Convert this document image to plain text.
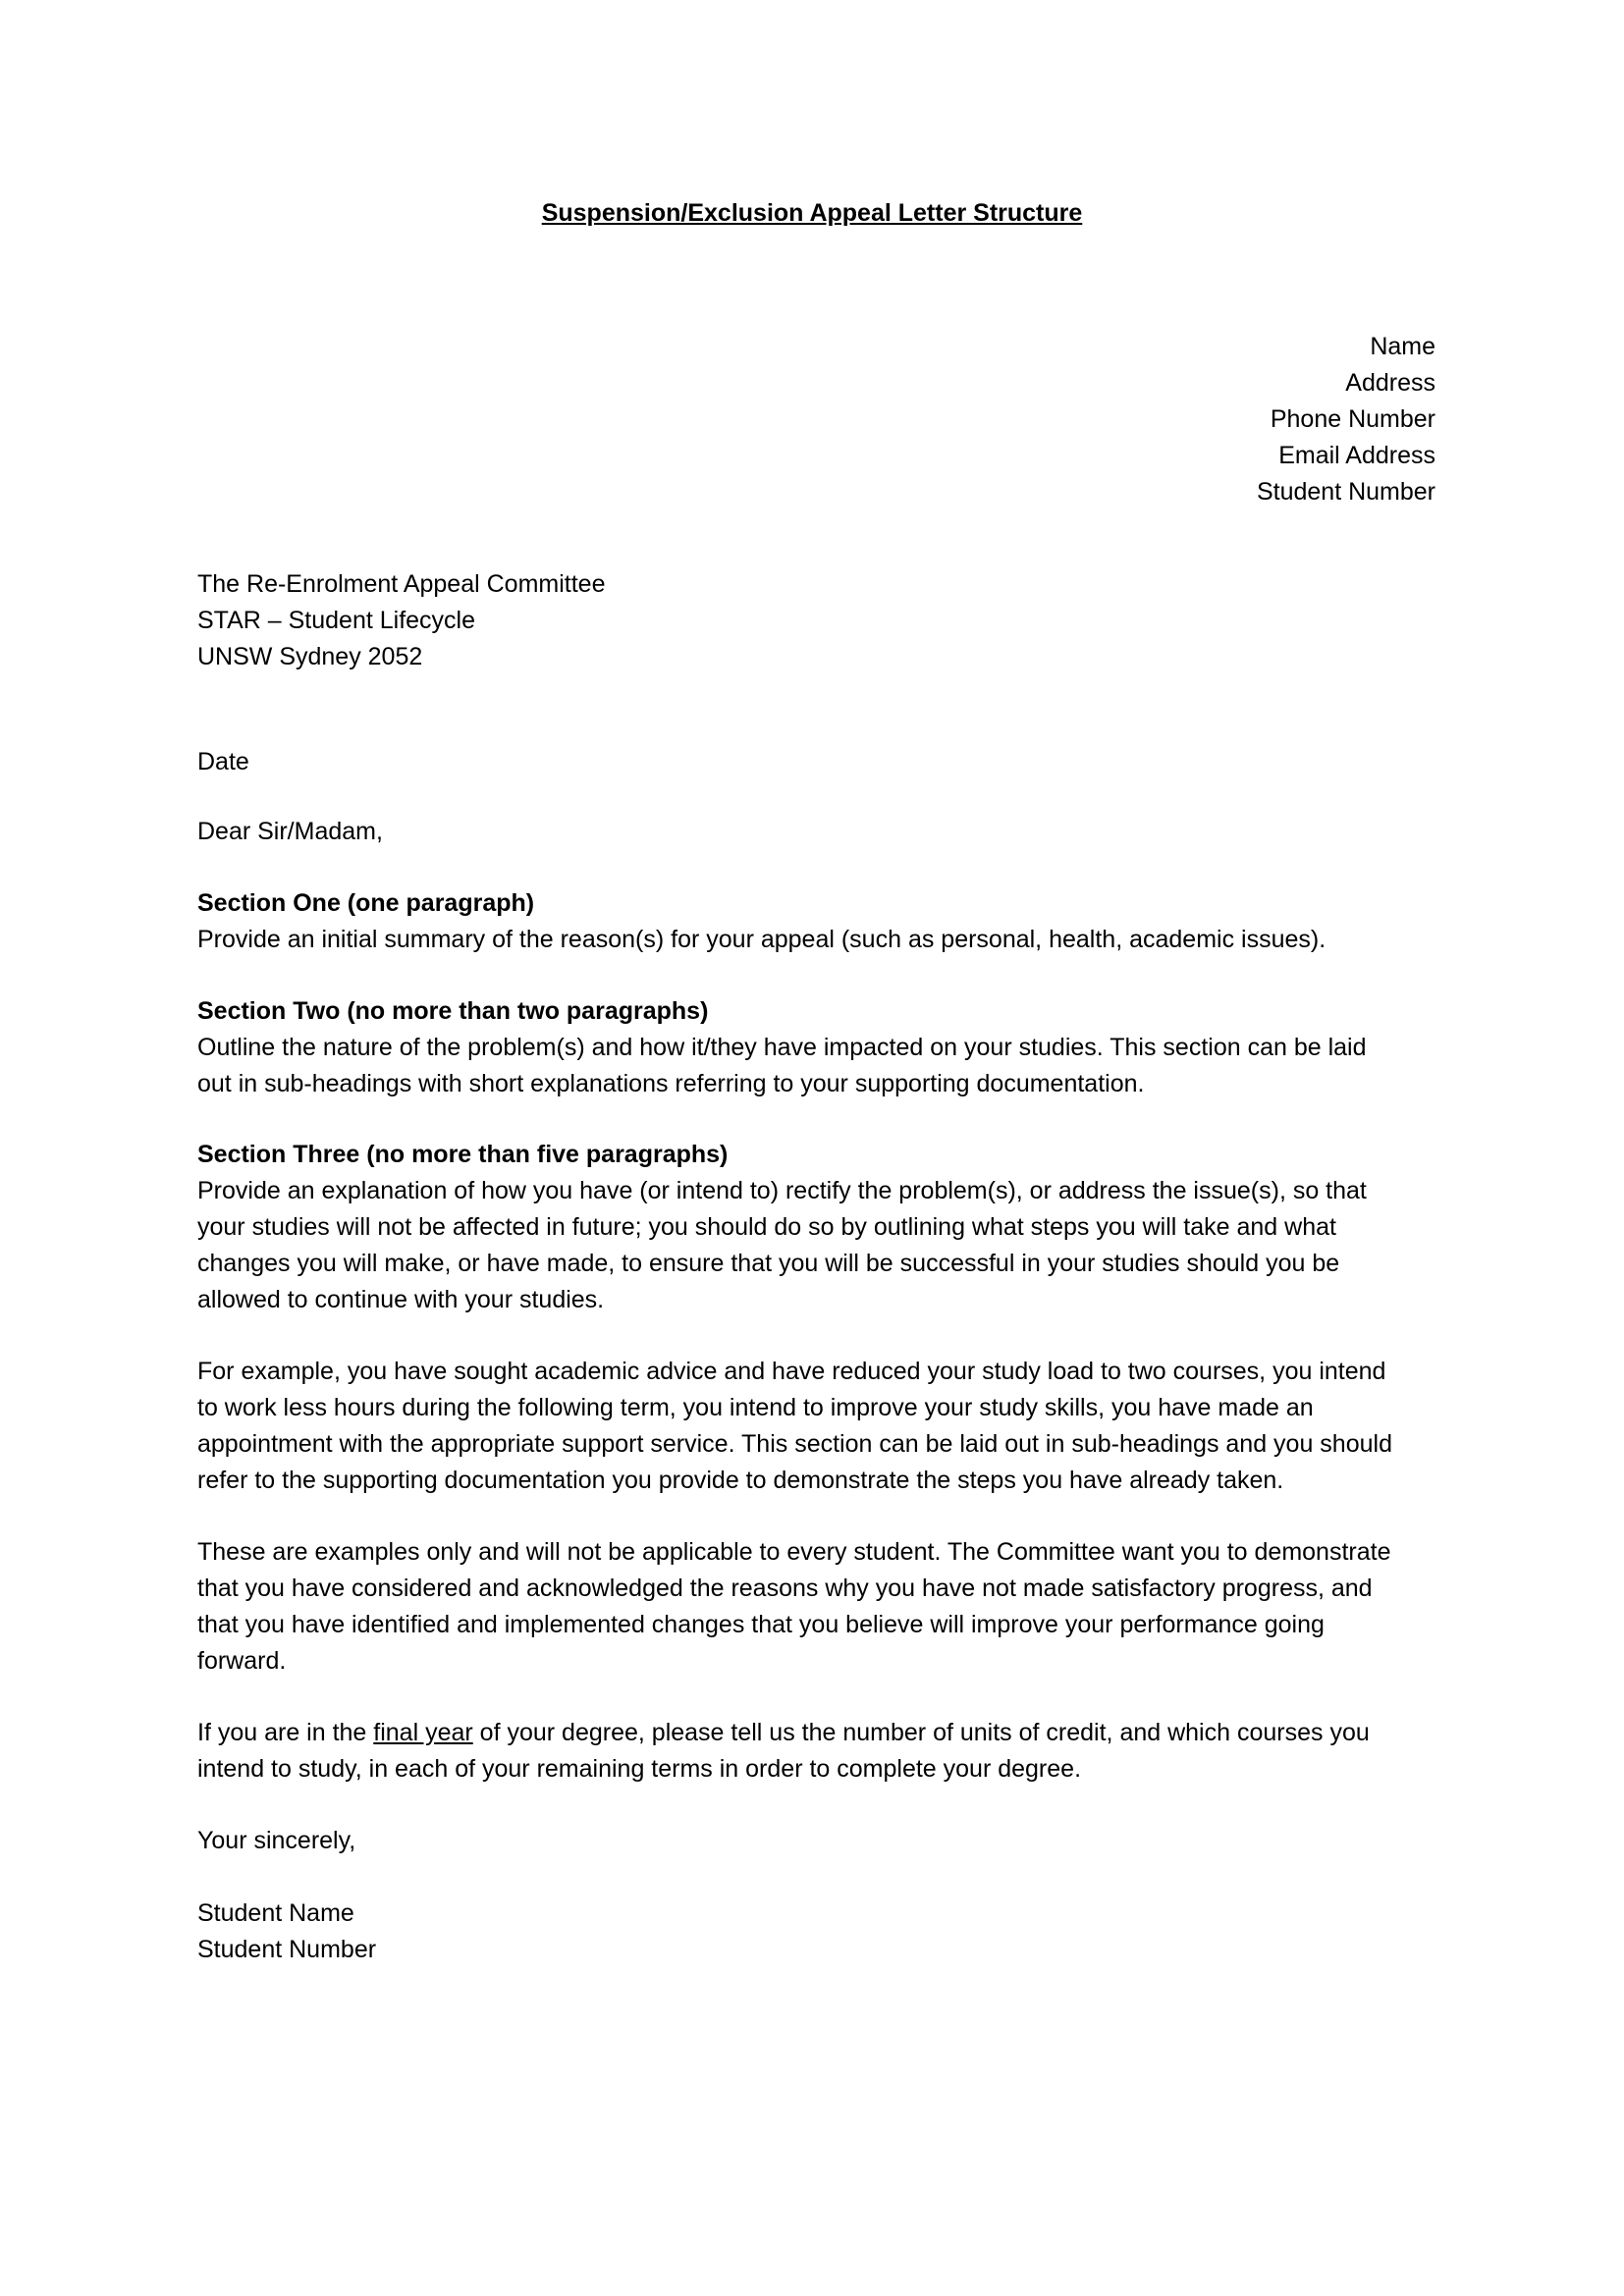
Suspension/Exclusion Appeal Letter Structure
Name
Address
Phone Number
Email Address
Student Number
The Re-Enrolment Appeal Committee
STAR – Student Lifecycle
UNSW Sydney 2052
Date
Dear Sir/Madam,
Section One (one paragraph)
Provide an initial summary of the reason(s) for your appeal (such as personal, health, academic issues).
Section Two (no more than two paragraphs)
Outline the nature of the problem(s) and how it/they have impacted on your studies. This section can be laid
out in sub-headings with short explanations referring to your supporting documentation.
Section Three (no more than five paragraphs)
Provide an explanation of how you have (or intend to) rectify the problem(s), or address the issue(s), so that
your studies will not be affected in future; you should do so by outlining what steps you will take and what
changes you will make, or have made, to ensure that you will be successful in your studies should you be
allowed to continue with your studies.
For example, you have sought academic advice and have reduced your study load to two courses, you intend
to work less hours during the following term, you intend to improve your study skills, you have made an
appointment with the appropriate support service. This section can be laid out in sub-headings and you should
refer to the supporting documentation you provide to demonstrate the steps you have already taken.
These are examples only and will not be applicable to every student. The Committee want you to demonstrate
that you have considered and acknowledged the reasons why you have not made satisfactory progress, and
that you have identified and implemented changes that you believe will improve your performance going
forward.
If you are in the final year of your degree, please tell us the number of units of credit, and which courses you
intend to study, in each of your remaining terms in order to complete your degree.
Your sincerely,
Student Name
Student Number
